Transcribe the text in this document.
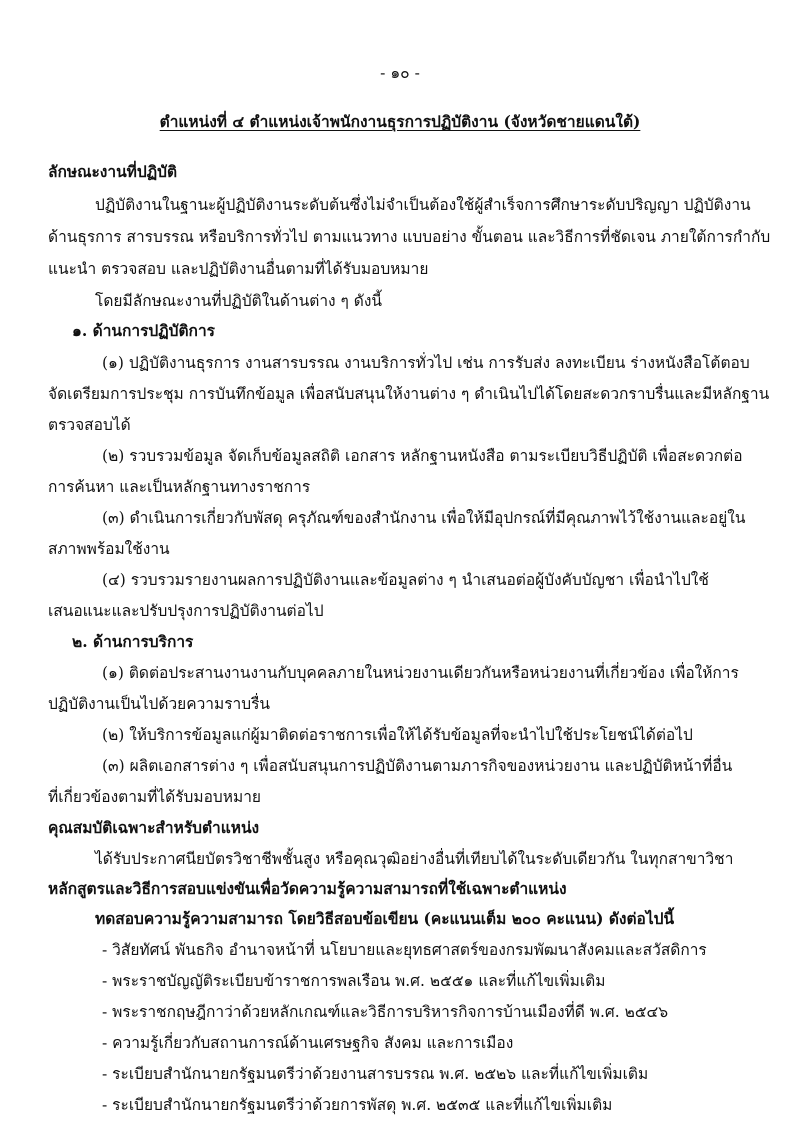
- ๑๐ -
ตำแหน่งที่ ๔ ตำแหน่งเจ้าพนักงานธุรการปฏิบัติงาน (จังหวัดชายแดนใต้)
ลักษณะงานที่ปฏิบัติ
ปฏิบัติงานในฐานะผู้ปฏิบัติงานระดับต้นซึ่งไม่จำเป็นต้องใช้ผู้สำเร็จการศึกษาระดับปริญญา ปฏิบัติงาน
ด้านธุรการ สารบรรณ หรือบริการทั่วไป ตามแนวทาง แบบอย่าง ขั้นตอน และวิธีการที่ชัดเจน ภายใต้การกำกับ
แนะนำ ตรวจสอบ และปฏิบัติงานอื่นตามที่ได้รับมอบหมาย
โดยมีลักษณะงานที่ปฏิบัติในด้านต่าง ๆ ดังนี้
๑. ด้านการปฏิบัติการ
(๑) ปฏิบัติงานธุรการ งานสารบรรณ งานบริการทั่วไป เช่น การรับส่ง ลงทะเบียน ร่างหนังสือโต้ตอบ
จัดเตรียมการประชุม การบันทึกข้อมูล เพื่อสนับสนุนให้งานต่าง ๆ ดำเนินไปได้โดยสะดวกราบรื่นและมีหลักฐาน
ตรวจสอบได้
(๒) รวบรวมข้อมูล จัดเก็บข้อมูลสถิติ เอกสาร หลักฐานหนังสือ ตามระเบียบวิธีปฏิบัติ เพื่อสะดวกต่อ
การค้นหา และเป็นหลักฐานทางราชการ
(๓) ดำเนินการเกี่ยวกับพัสดุ ครุภัณฑ์ของสำนักงาน เพื่อให้มีอุปกรณ์ที่มีคุณภาพไว้ใช้งานและอยู่ใน
สภาพพร้อมใช้งาน
(๔) รวบรวมรายงานผลการปฏิบัติงานและข้อมูลต่าง ๆ นำเสนอต่อผู้บังคับบัญชา เพื่อนำไปใช้
เสนอแนะและปรับปรุงการปฏิบัติงานต่อไป
๒. ด้านการบริการ
(๑) ติดต่อประสานงานงานกับบุคคลภายในหน่วยงานเดียวกันหรือหน่วยงานที่เกี่ยวข้อง เพื่อให้การ
ปฏิบัติงานเป็นไปด้วยความราบรื่น
(๒) ให้บริการข้อมูลแก่ผู้มาติดต่อราชการเพื่อให้ได้รับข้อมูลที่จะนำไปใช้ประโยชน์ได้ต่อไป
(๓) ผลิตเอกสารต่าง ๆ เพื่อสนับสนุนการปฏิบัติงานตามภารกิจของหน่วยงาน และปฏิบัติหน้าที่อื่น
ที่เกี่ยวข้องตามที่ได้รับมอบหมาย
คุณสมบัติเฉพาะสำหรับตำแหน่ง
ได้รับประกาศนียบัตรวิชาชีพชั้นสูง หรือคุณวุฒิอย่างอื่นที่เทียบได้ในระดับเดียวกัน ในทุกสาขาวิชา
หลักสูตรและวิธีการสอบแข่งขันเพื่อวัดความรู้ความสามารถที่ใช้เฉพาะตำแหน่ง
ทดสอบความรู้ความสามารถ โดยวิธีสอบข้อเขียน (คะแนนเต็ม ๒๐๐ คะแนน) ดังต่อไปนี้
- วิสัยทัศน์ พันธกิจ อำนาจหน้าที่ นโยบายและยุทธศาสตร์ของกรมพัฒนาสังคมและสวัสดิการ
- พระราชบัญญัติระเบียบข้าราชการพลเรือน พ.ศ. ๒๕๕๑ และที่แก้ไขเพิ่มเติม
- พระราชกฤษฎีกาว่าด้วยหลักเกณฑ์และวิธีการบริหารกิจการบ้านเมืองที่ดี พ.ศ. ๒๕๔๖
- ความรู้เกี่ยวกับสถานการณ์ด้านเศรษฐกิจ สังคม และการเมือง
- ระเบียบสำนักนายกรัฐมนตรีว่าด้วยงานสารบรรณ พ.ศ. ๒๕๒๖ และที่แก้ไขเพิ่มเติม
- ระเบียบสำนักนายกรัฐมนตรีว่าด้วยการพัสดุ พ.ศ. ๒๕๓๕ และที่แก้ไขเพิ่มเติม
